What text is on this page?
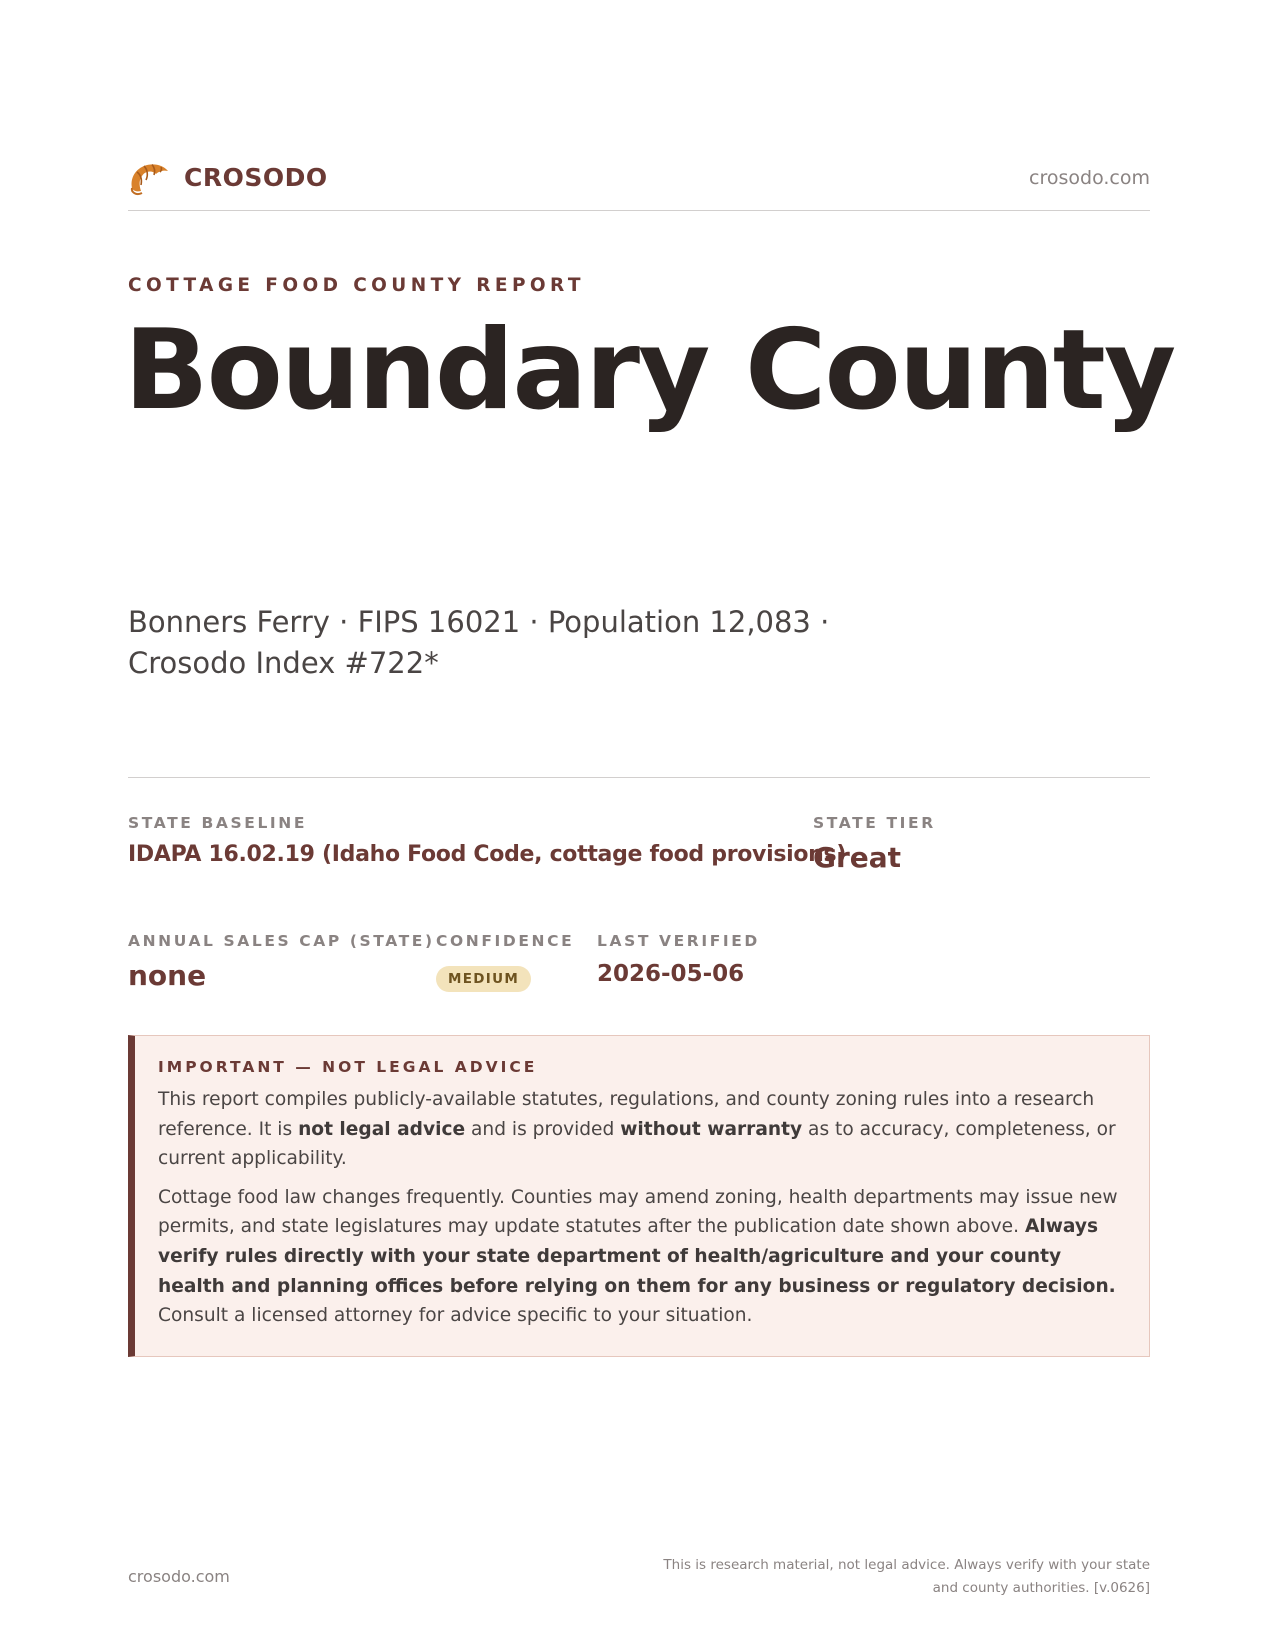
CROSODO	crosodo.com
COTTAGE FOOD COUNTY REPORT
Boundary County
Bonners Ferry · FIPS 16021 · Population 12,083 · Crosodo Index #722*
STATE BASELINE
IDAPA 16.02.19 (Idaho Food Code, cottage food provisions)
STATE TIER
Great
ANNUAL SALES CAP (STATE)
none
CONFIDENCE
MEDIUM
LAST VERIFIED
2026-05-06
IMPORTANT — NOT LEGAL ADVICE

This report compiles publicly-available statutes, regulations, and county zoning rules into a research reference. It is not legal advice and is provided without warranty as to accuracy, completeness, or current applicability.

Cottage food law changes frequently. Counties may amend zoning, health departments may issue new permits, and state legislatures may update statutes after the publication date shown above. Always verify rules directly with your state department of health/agriculture and your county health and planning offices before relying on them for any business or regulatory decision. Consult a licensed attorney for advice specific to your situation.

crosodo.com
This is research material, not legal advice. Always verify with your state
and county authorities. [v.0626]
